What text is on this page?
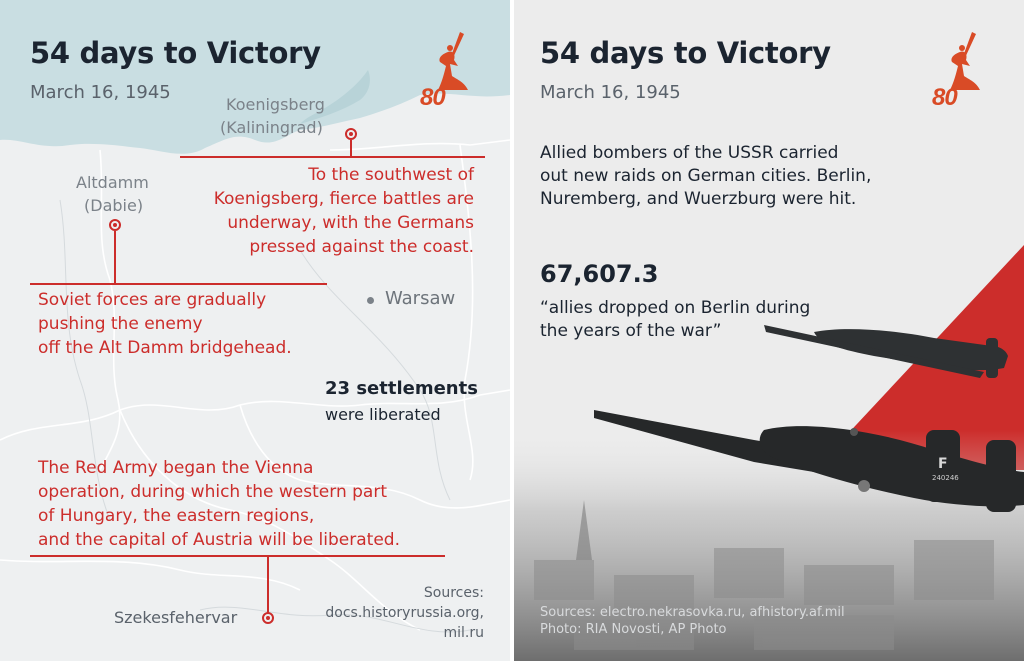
54 days to Victory
March 16, 1945	80
Koenigsberg
(Kaliningrad)
To the southwest of
Koenigsberg, fierce battles are
underway, with the Germans
pressed against the coast.
Altdamm
(Dabie)
Soviet forces are gradually
pushing the enemy
off the Alt Damm bridgehead.
Warsaw
23 settlements
were liberated
The Red Army began the Vienna
operation, during which the western part
of Hungary, the eastern regions,
and the capital of Austria will be liberated.
Szekesfehervar
Sources:
docs.historyrussia.org,
mil.ru
54 days to Victory
March 16, 1945	80
Allied bombers of the USSR carried
out new raids on German cities. Berlin,
Nuremberg, and Wuerzburg were hit.
67,607.3
“allies dropped on Berlin during
the years of the war”
F
240246
Sources: electro.nekrasovka.ru, afhistory.af.mil
Photo: RIA Novosti, AP Photo
